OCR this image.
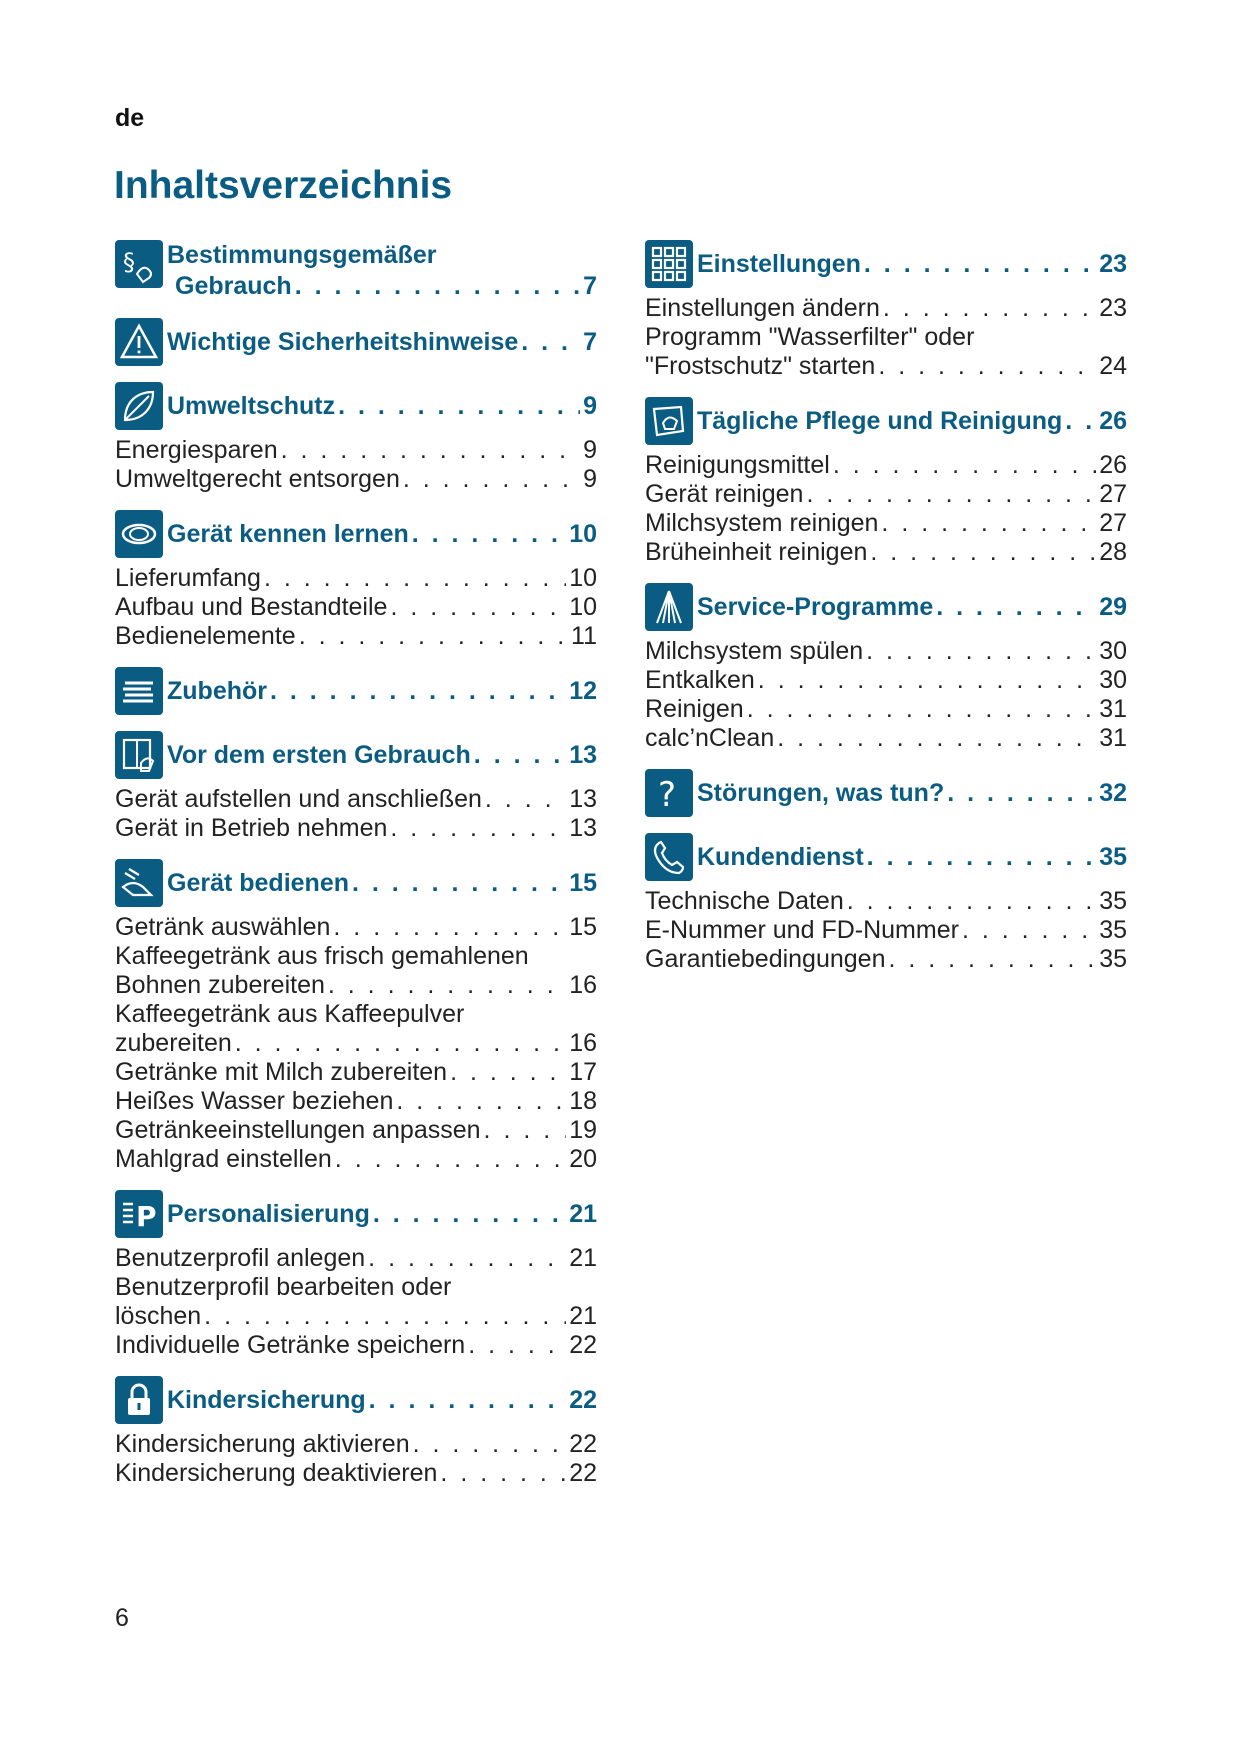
de
Inhaltsverzeichnis
§ Bestimmungsgemäßer
Gebrauch . . .	7
Wichtige Sicherheitshinweise . . .	7
Umweltschutz . . .	9
Energiesparen . . .	9
Umweltgerecht entsorgen . . .	9
Gerät kennen lernen . . .	10
Lieferumfang . . .	10
Aufbau und Bestandteile . . .	10
Bedienelemente . . .	11
Zubehör . . .	12
Vor dem ersten Gebrauch . . .	13
Gerät aufstellen und anschließen . . .	13
Gerät in Betrieb nehmen . . .	13
Gerät bedienen . . .	15
Getränk auswählen . . .	15
Kaffeegetränk aus frisch gemahlenen
Bohnen zubereiten . . .	16
Kaffeegetränk aus Kaffeepulver
zubereiten . . .	16
Getränke mit Milch zubereiten . . .	17
Heißes Wasser beziehen . . .	18
Getränkeeinstellungen anpassen . . .	19
Mahlgrad einstellen . . .	20
P Personalisierung . . .	21
Benutzerprofil anlegen . . .	21
Benutzerprofil bearbeiten oder
löschen . . .	21
Individuelle Getränke speichern . . .	22
Kindersicherung . . .	22
Kindersicherung aktivieren . . .	22
Kindersicherung deaktivieren . . .	22
Einstellungen . . .	23
Einstellungen ändern . . .	23
Programm "Wasserfilter" oder
"Frostschutz" starten . . .	24
Tägliche Pflege und Reinigung . . . 26
Reinigungsmittel . . .	26
Gerät reinigen . . .	27
Milchsystem reinigen . . .	27
Brüheinheit reinigen . . .	28
Service-Programme . . .	29
Milchsystem spülen . . .	30
Entkalken . . .	30
Reinigen . . .	31
calc’nClean . . .	31
? Störungen, was tun? . . .	32
Kundendienst . . .	35
Technische Daten . . .	35
E-Nummer und FD-Nummer . . .	35
Garantiebedingungen . . .	35
6
